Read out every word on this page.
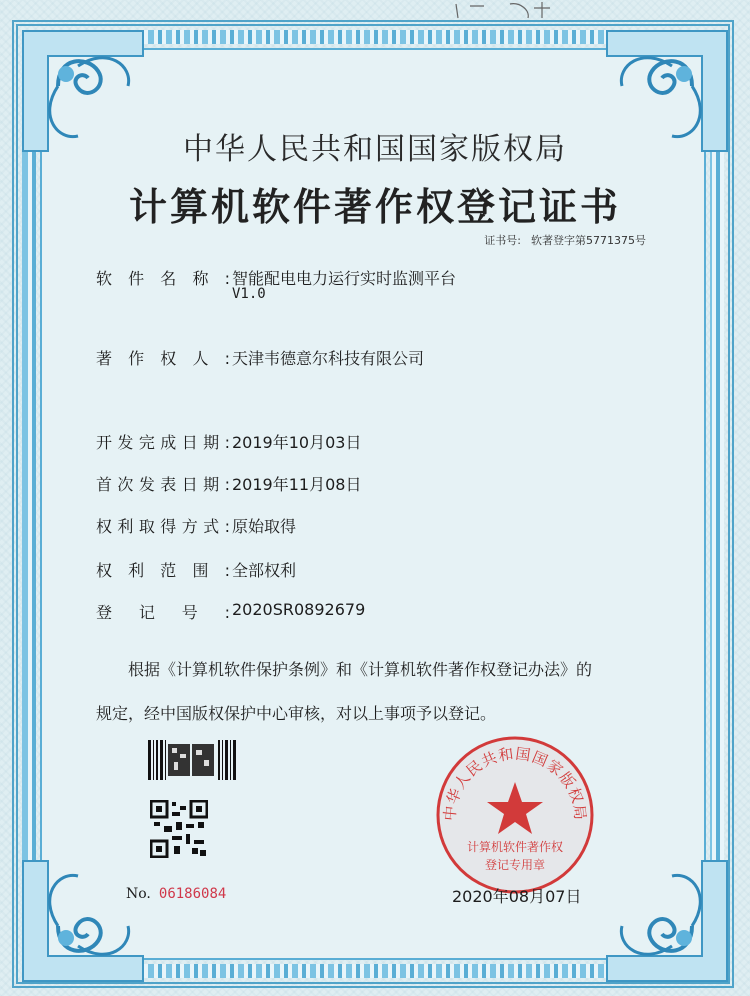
中华人民共和国国家版权局
计算机软件著作权登记证书
证书号: 软著登字第5771375号
软件名称: 智能配电电力运行实时监测平台
V1.0
著作权人: 天津韦德意尔科技有限公司
开发完成日期: 2019年10月03日
首次发表日期: 2019年11月08日
权利取得方式: 原始取得
权利范围: 全部权利
登记号: 2020SR0892679

根据《计算机软件保护条例》和《计算机软件著作权登记办法》的

规定，经中国版权保护中心审核，对以上事项予以登记。

No. 06186084
中华人民共和国国家版权局
计算机软件著作权
登记专用章
2020年08月07日
